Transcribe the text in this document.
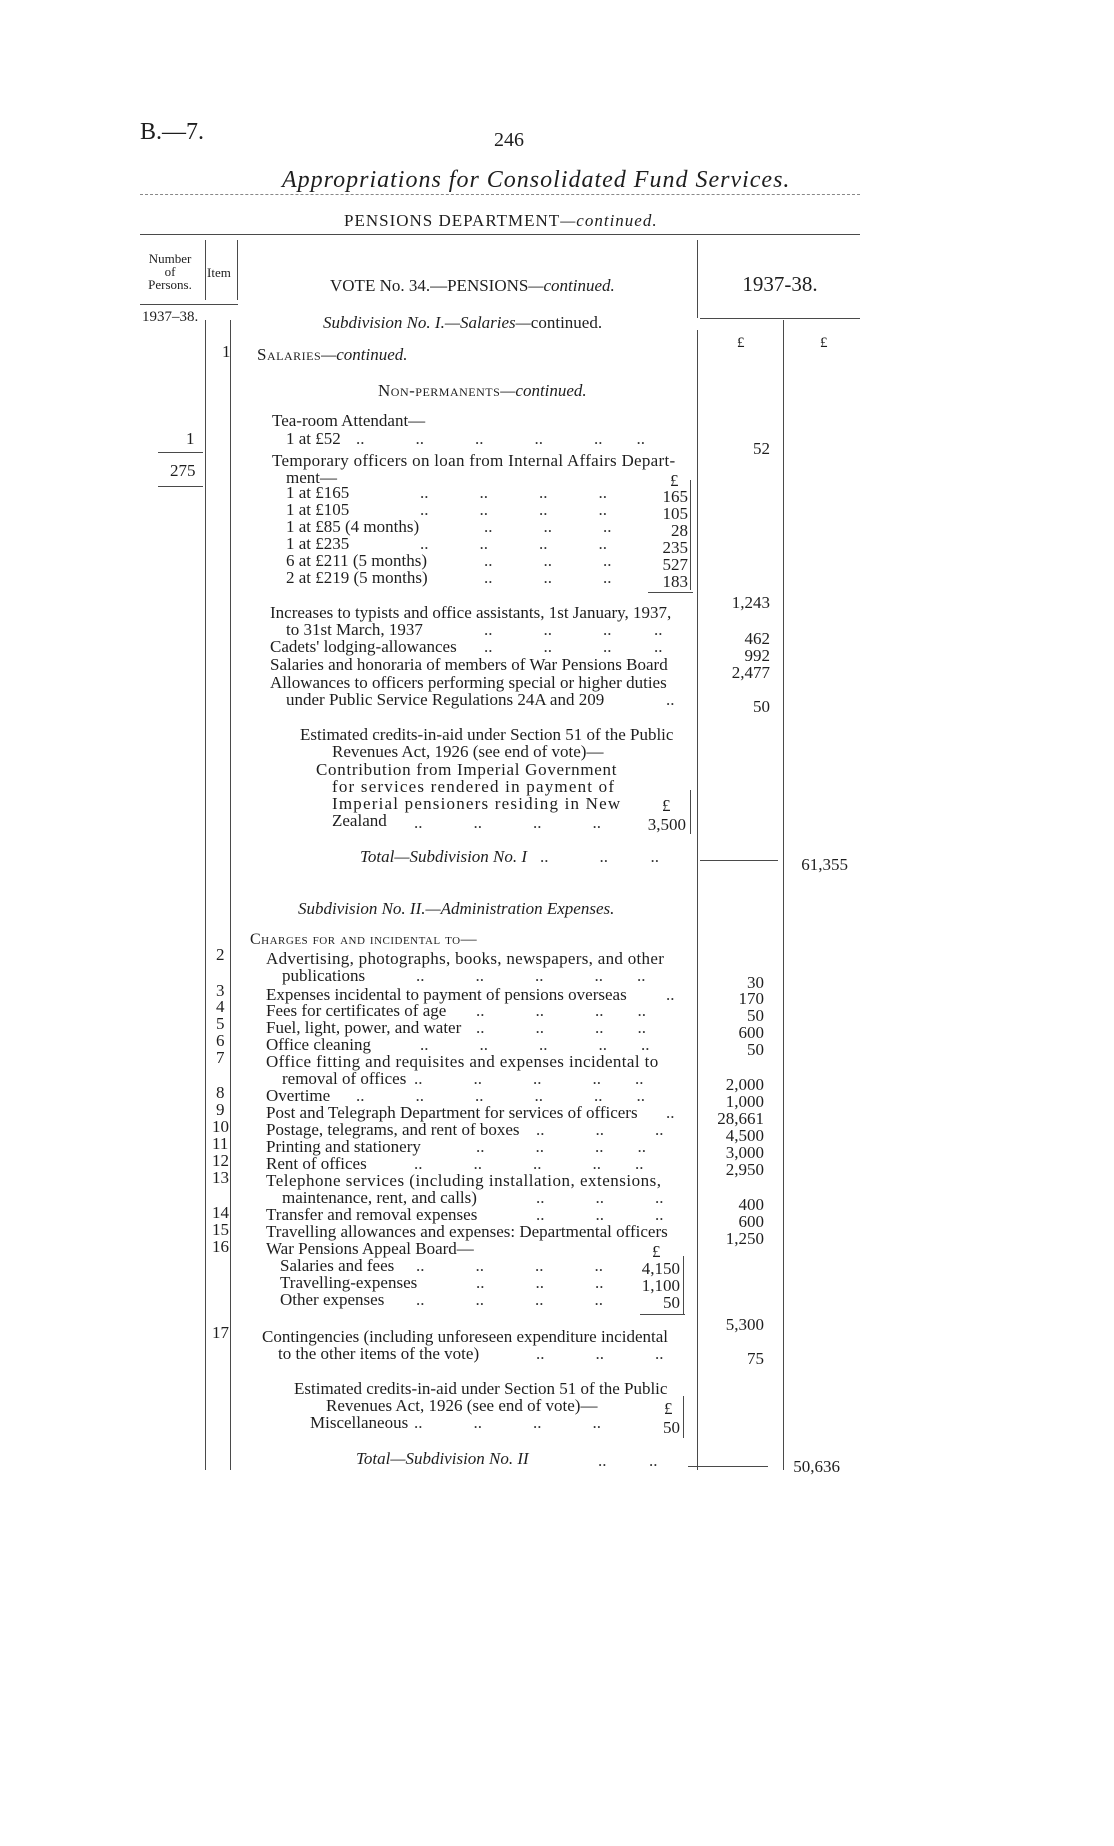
B.—7.	246
Appropriations for Consolidated Fund Services.
PENSIONS DEPARTMENT—continued.
Number
of
Persons.
Item
1937–38.
1937-38.
£	£
VOTE No. 34.—PENSIONS—continued.
Subdivision No. I.—Salaries—continued.
1 Salaries—continued.
Non-permanents—continued.
Tea-room Attendant—
1	1 at £52 ..            ..            ..            ..            ..        ..
52
275
Temporary officers on loan from Internal Affairs Depart-
ment—	£
1 at £165	..            ..            ..            ..	165
1 at £105	..            ..            ..            ..	105
1 at £85 (4 months)	..            ..            ..	28
1 at £235	..            ..            ..            ..	235
6 at £211 (5 months)	..            ..            ..	527
2 at £219 (5 months)	..            ..            ..	183
1,243
Increases to typists and office assistants, 1st January, 1937,
to 31st March, 1937	..            ..            ..          ..	462
Cadets' lodging-allowances ..            ..            ..          ..	992
Salaries and honoraria of members of War Pensions Board	2,477
Allowances to officers performing special or higher duties
under Public Service Regulations 24A and 209	..	50
Estimated credits-in-aid under Section 51 of the Public
Revenues Act, 1926 (see end of vote)—
Contribution from Imperial Government
for services rendered in payment of
Imperial pensioners residing in New
Zealand
£
..            ..            ..            ..	3,500
Total—Subdivision No. I ..            ..          ..	61,355
Subdivision No. II.—Administration Expenses.
Charges for and incidental to—
2 Advertising, photographs, books, newspapers, and other
publications	..            ..            ..            ..        ..	30
3 Expenses incidental to payment of pensions overseas ..	170
4 Fees for certificates of age ..            ..            ..        ..	50
5 Fuel, light, power, and water ..            ..            ..        ..	600
6 Office cleaning	..            ..            ..            ..        ..	50
7 Office fitting and requisites and expenses incidental to
removal of offices ..            ..            ..            ..        ..	2,000
8 Overtime ..            ..            ..            ..            ..        ..	1,000
9 Post and Telegraph Department for services of officers ..	28,661
10 Postage, telegrams, and rent of boxes ..            ..            ..	4,500
11 Printing and stationery	..            ..            ..        ..	3,000
12 Rent of offices	..            ..            ..            ..        ..	2,950
13 Telephone services (including installation, extensions,
maintenance, rent, and calls)	..            ..            ..	400
14 Transfer and removal expenses	..            ..            ..	600
15 Travelling allowances and expenses: Departmental officers	1,250
16 War Pensions Appeal Board—	£
Salaries and fees ..            ..            ..            ..	4,150
Travelling-expenses	..            ..            ..	1,100
Other expenses ..            ..            ..            ..	50
5,300
17 Contingencies (including unforeseen expenditure incidental
to the other items of the vote)	..            ..            ..	75
Estimated credits-in-aid under Section 51 of the Public
Revenues Act, 1926 (see end of vote)—	£
Miscellaneous ..            ..            ..            ..	50
Total—Subdivision No. II	..          ..	50,636
